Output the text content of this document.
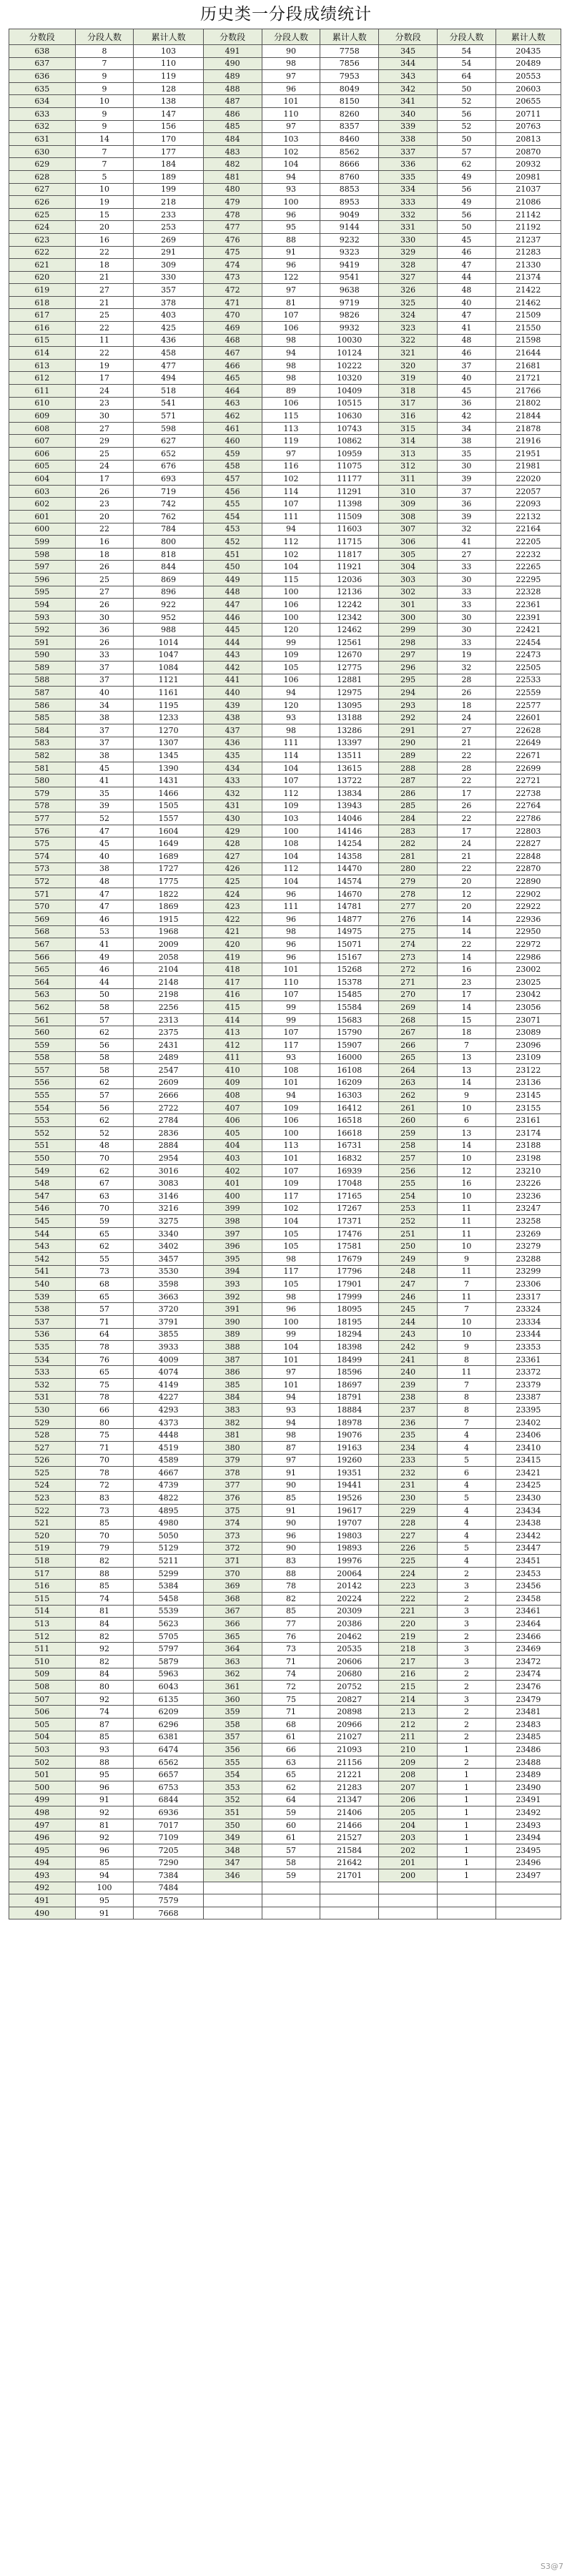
历史类一分段成绩统计
分数段	分段人数	累计人数	分数段	分段人数	累计人数	分数段	分段人数	累计人数
638	8	103	491	90	7758	345	54	20435
637	7	110	490	98	7856	344	54	20489
636	9	119	489	97	7953	343	64	20553
635	9	128	488	96	8049	342	50	20603
634	10	138	487	101	8150	341	52	20655
633	9	147	486	110	8260	340	56	20711
632	9	156	485	97	8357	339	52	20763
631	14	170	484	103	8460	338	50	20813
630	7	177	483	102	8562	337	57	20870
629	7	184	482	104	8666	336	62	20932
628	5	189	481	94	8760	335	49	20981
627	10	199	480	93	8853	334	56	21037
626	19	218	479	100	8953	333	49	21086
625	15	233	478	96	9049	332	56	21142
624	20	253	477	95	9144	331	50	21192
623	16	269	476	88	9232	330	45	21237
622	22	291	475	91	9323	329	46	21283
621	18	309	474	96	9419	328	47	21330
620	21	330	473	122	9541	327	44	21374
619	27	357	472	97	9638	326	48	21422
618	21	378	471	81	9719	325	40	21462
617	25	403	470	107	9826	324	47	21509
616	22	425	469	106	9932	323	41	21550
615	11	436	468	98	10030	322	48	21598
614	22	458	467	94	10124	321	46	21644
613	19	477	466	98	10222	320	37	21681
612	17	494	465	98	10320	319	40	21721
611	24	518	464	89	10409	318	45	21766
610	23	541	463	106	10515	317	36	21802
609	30	571	462	115	10630	316	42	21844
608	27	598	461	113	10743	315	34	21878
607	29	627	460	119	10862	314	38	21916
606	25	652	459	97	10959	313	35	21951
605	24	676	458	116	11075	312	30	21981
604	17	693	457	102	11177	311	39	22020
603	26	719	456	114	11291	310	37	22057
602	23	742	455	107	11398	309	36	22093
601	20	762	454	111	11509	308	39	22132
600	22	784	453	94	11603	307	32	22164
599	16	800	452	112	11715	306	41	22205
598	18	818	451	102	11817	305	27	22232
597	26	844	450	104	11921	304	33	22265
596	25	869	449	115	12036	303	30	22295
595	27	896	448	100	12136	302	33	22328
594	26	922	447	106	12242	301	33	22361
593	30	952	446	100	12342	300	30	22391
592	36	988	445	120	12462	299	30	22421
591	26	1014	444	99	12561	298	33	22454
590	33	1047	443	109	12670	297	19	22473
589	37	1084	442	105	12775	296	32	22505
588	37	1121	441	106	12881	295	28	22533
587	40	1161	440	94	12975	294	26	22559
586	34	1195	439	120	13095	293	18	22577
585	38	1233	438	93	13188	292	24	22601
584	37	1270	437	98	13286	291	27	22628
583	37	1307	436	111	13397	290	21	22649
582	38	1345	435	114	13511	289	22	22671
581	45	1390	434	104	13615	288	28	22699
580	41	1431	433	107	13722	287	22	22721
579	35	1466	432	112	13834	286	17	22738
578	39	1505	431	109	13943	285	26	22764
577	52	1557	430	103	14046	284	22	22786
576	47	1604	429	100	14146	283	17	22803
575	45	1649	428	108	14254	282	24	22827
574	40	1689	427	104	14358	281	21	22848
573	38	1727	426	112	14470	280	22	22870
572	48	1775	425	104	14574	279	20	22890
571	47	1822	424	96	14670	278	12	22902
570	47	1869	423	111	14781	277	20	22922
569	46	1915	422	96	14877	276	14	22936
568	53	1968	421	98	14975	275	14	22950
567	41	2009	420	96	15071	274	22	22972
566	49	2058	419	96	15167	273	14	22986
565	46	2104	418	101	15268	272	16	23002
564	44	2148	417	110	15378	271	23	23025
563	50	2198	416	107	15485	270	17	23042
562	58	2256	415	99	15584	269	14	23056
561	57	2313	414	99	15683	268	15	23071
560	62	2375	413	107	15790	267	18	23089
559	56	2431	412	117	15907	266	7	23096
558	58	2489	411	93	16000	265	13	23109
557	58	2547	410	108	16108	264	13	23122
556	62	2609	409	101	16209	263	14	23136
555	57	2666	408	94	16303	262	9	23145
554	56	2722	407	109	16412	261	10	23155
553	62	2784	406	106	16518	260	6	23161
552	52	2836	405	100	16618	259	13	23174
551	48	2884	404	113	16731	258	14	23188
550	70	2954	403	101	16832	257	10	23198
549	62	3016	402	107	16939	256	12	23210
548	67	3083	401	109	17048	255	16	23226
547	63	3146	400	117	17165	254	10	23236
546	70	3216	399	102	17267	253	11	23247
545	59	3275	398	104	17371	252	11	23258
544	65	3340	397	105	17476	251	11	23269
543	62	3402	396	105	17581	250	10	23279
542	55	3457	395	98	17679	249	9	23288
541	73	3530	394	117	17796	248	11	23299
540	68	3598	393	105	17901	247	7	23306
539	65	3663	392	98	17999	246	11	23317
538	57	3720	391	96	18095	245	7	23324
537	71	3791	390	100	18195	244	10	23334
536	64	3855	389	99	18294	243	10	23344
535	78	3933	388	104	18398	242	9	23353
534	76	4009	387	101	18499	241	8	23361
533	65	4074	386	97	18596	240	11	23372
532	75	4149	385	101	18697	239	7	23379
531	78	4227	384	94	18791	238	8	23387
530	66	4293	383	93	18884	237	8	23395
529	80	4373	382	94	18978	236	7	23402
528	75	4448	381	98	19076	235	4	23406
527	71	4519	380	87	19163	234	4	23410
526	70	4589	379	97	19260	233	5	23415
525	78	4667	378	91	19351	232	6	23421
524	72	4739	377	90	19441	231	4	23425
523	83	4822	376	85	19526	230	5	23430
522	73	4895	375	91	19617	229	4	23434
521	85	4980	374	90	19707	228	4	23438
520	70	5050	373	96	19803	227	4	23442
519	79	5129	372	90	19893	226	5	23447
518	82	5211	371	83	19976	225	4	23451
517	88	5299	370	88	20064	224	2	23453
516	85	5384	369	78	20142	223	3	23456
515	74	5458	368	82	20224	222	2	23458
514	81	5539	367	85	20309	221	3	23461
513	84	5623	366	77	20386	220	3	23464
512	82	5705	365	76	20462	219	2	23466
511	92	5797	364	73	20535	218	3	23469
510	82	5879	363	71	20606	217	3	23472
509	84	5963	362	74	20680	216	2	23474
508	80	6043	361	72	20752	215	2	23476
507	92	6135	360	75	20827	214	3	23479
506	74	6209	359	71	20898	213	2	23481
505	87	6296	358	68	20966	212	2	23483
504	85	6381	357	61	21027	211	2	23485
503	93	6474	356	66	21093	210	1	23486
502	88	6562	355	63	21156	209	2	23488
501	95	6657	354	65	21221	208	1	23489
500	96	6753	353	62	21283	207	1	23490
499	91	6844	352	64	21347	206	1	23491
498	92	6936	351	59	21406	205	1	23492
497	81	7017	350	60	21466	204	1	23493
496	92	7109	349	61	21527	203	1	23494
495	96	7205	348	57	21584	202	1	23495
494	85	7290	347	58	21642	201	1	23496
493	94	7384	346	59	21701	200	1	23497
492	100	7484						
491	95	7579						
490	91	7668						
S3@7
